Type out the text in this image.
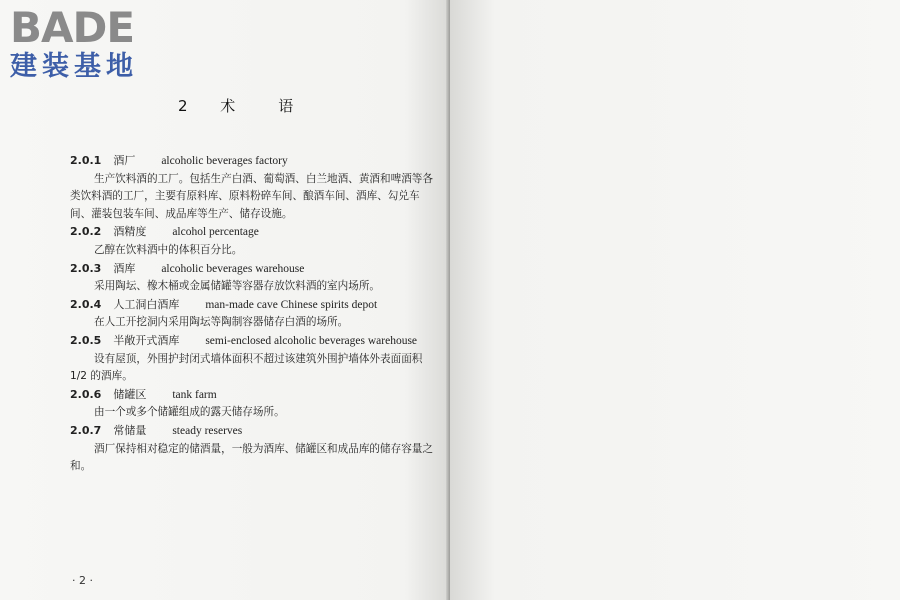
BADE
建装基地
2 术　语

2.0.1 酒厂 alcoholic beverages factory

生产饮料酒的工厂。包括生产白酒、葡萄酒、白兰地酒、黄酒和啤酒等各类饮料酒的工厂，主要有原料库、原料粉碎车间、酿酒车间、酒库、勾兑车间、灌装包装车间、成品库等生产、储存设施。

2.0.2 酒精度 alcohol percentage

乙醇在饮料酒中的体积百分比。

2.0.3 酒库 alcoholic beverages warehouse

采用陶坛、橡木桶或金属储罐等容器存放饮料酒的室内场所。

2.0.4 人工洞白酒库 man-made cave Chinese spirits depot

在人工开挖洞内采用陶坛等陶制容器储存白酒的场所。

2.0.5 半敞开式酒库 semi-enclosed alcoholic beverages warehouse

设有屋顶，外围护封闭式墙体面积不超过该建筑外围护墙体外表面面积 1/2 的酒库。

2.0.6 储罐区 tank farm

由一个或多个储罐组成的露天储存场所。

2.0.7 常储量 steady reserves

酒厂保持相对稳定的储酒量，一般为酒库、储罐区和成品库的储存容量之和。

· 2 ·
